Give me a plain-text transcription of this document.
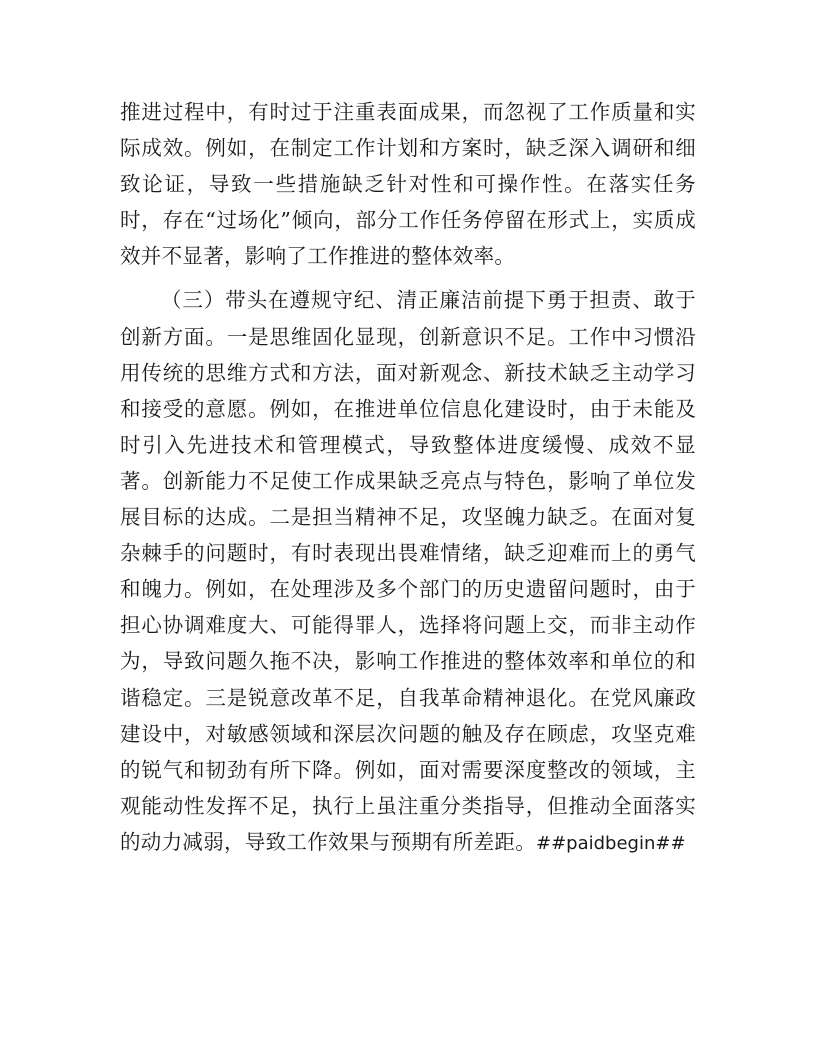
推进过程中，有时过于注重表面成果，而忽视了工作质量和实际成效。例如，在制定工作计划和方案时，缺乏深入调研和细致论证，导致一些措施缺乏针对性和可操作性。在落实任务时，存在“过场化”倾向，部分工作任务停留在形式上，实质成效并不显著，影响了工作推进的整体效率。

（三）带头在遵规守纪、清正廉洁前提下勇于担责、敢于创新方面。一是思维固化显现，创新意识不足。工作中习惯沿用传统的思维方式和方法，面对新观念、新技术缺乏主动学习和接受的意愿。例如，在推进单位信息化建设时，由于未能及时引入先进技术和管理模式，导致整体进度缓慢、成效不显著。创新能力不足使工作成果缺乏亮点与特色，影响了单位发展目标的达成。二是担当精神不足，攻坚魄力缺乏。在面对复杂棘手的问题时，有时表现出畏难情绪，缺乏迎难而上的勇气和魄力。例如，在处理涉及多个部门的历史遗留问题时，由于担心协调难度大、可能得罪人，选择将问题上交，而非主动作为，导致问题久拖不决，影响工作推进的整体效率和单位的和谐稳定。三是锐意改革不足，自我革命精神退化。在党风廉政建设中，对敏感领域和深层次问题的触及存在顾虑，攻坚克难的锐气和韧劲有所下降。例如，面对需要深度整改的领域，主观能动性发挥不足，执行上虽注重分类指导，但推动全面落实的动力减弱，导致工作效果与预期有所差距。##paidbegin##
